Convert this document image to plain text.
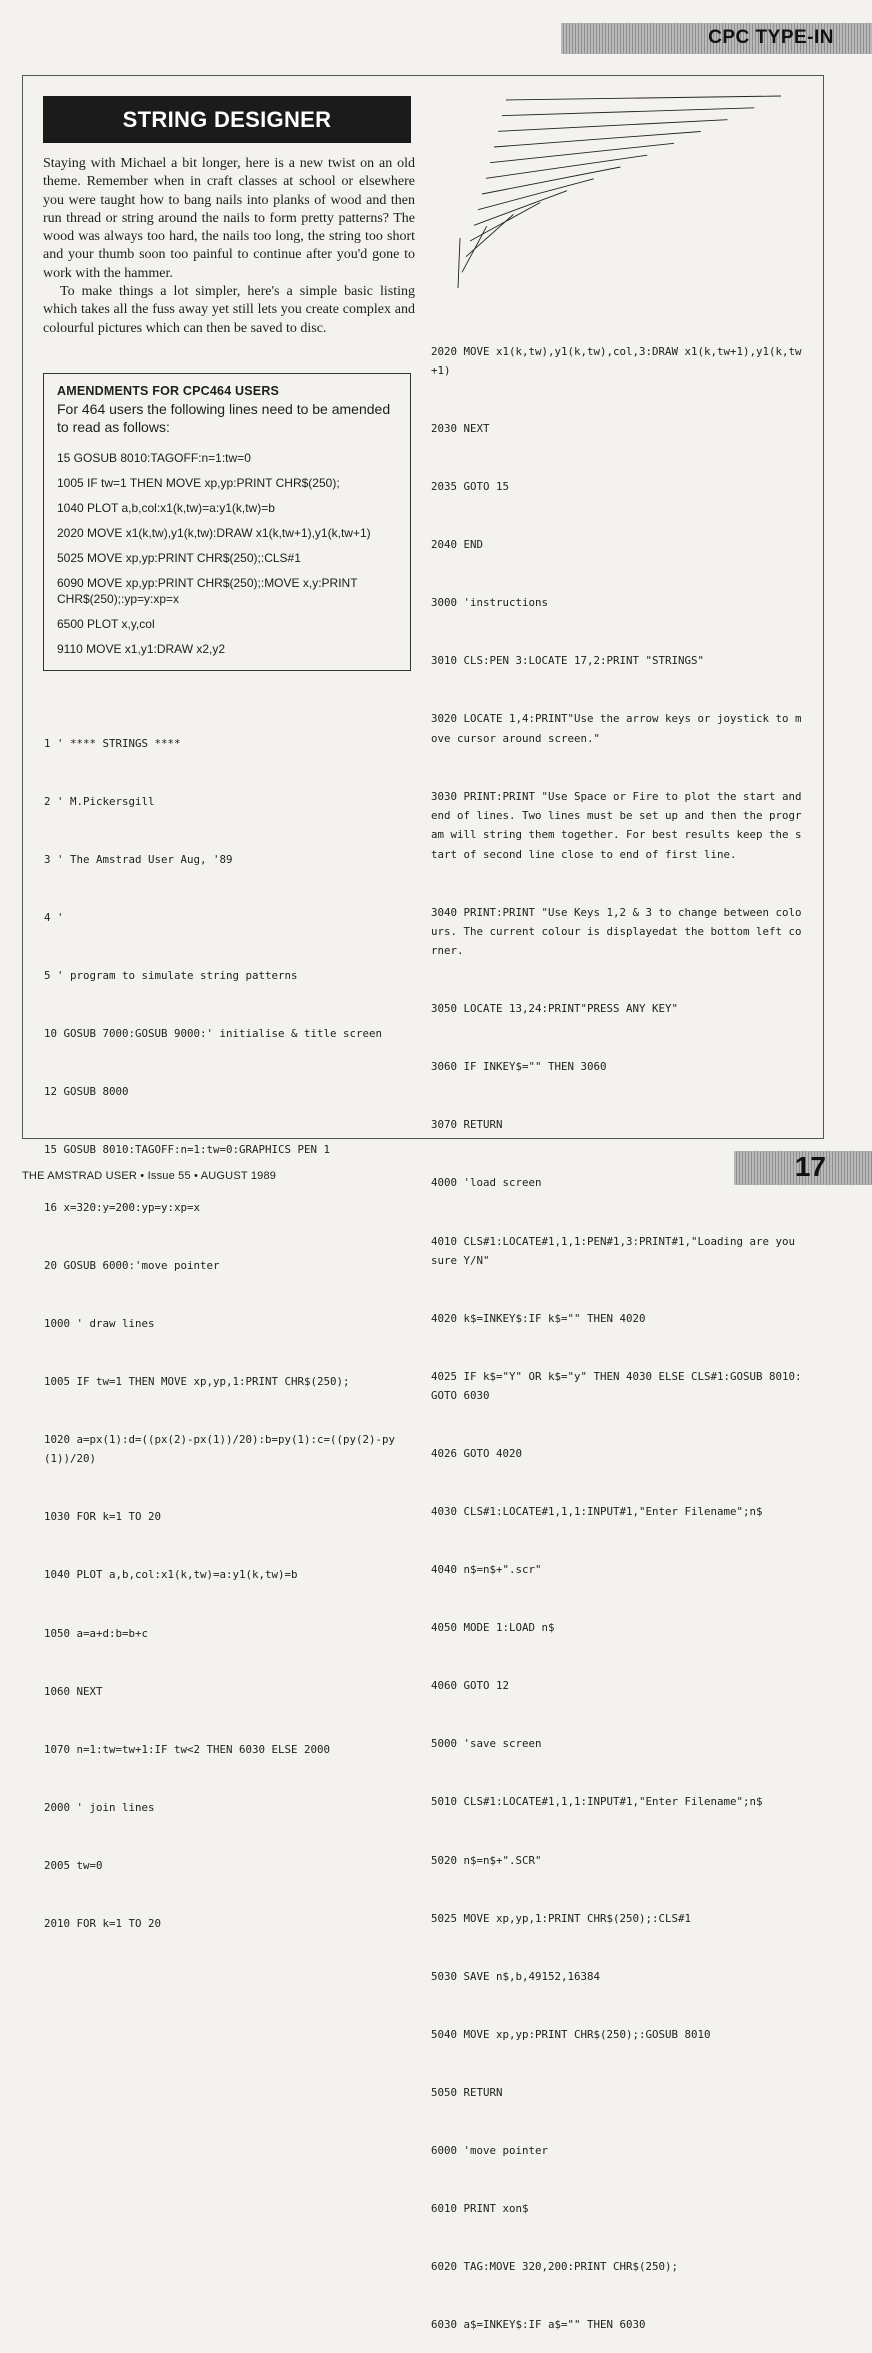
CPC TYPE-IN
STRING DESIGNER

Staying with Michael a bit longer, here is a new twist on an old theme. Remember when in craft classes at school or elsewhere you were taught how to bang nails into planks of wood and then run thread or string around the nails to form pretty patterns? The wood was always too hard, the nails too long, the string too short and your thumb soon too painful to continue after you'd gone to work with the hammer.

To make things a lot simpler, here's a simple basic listing which takes all the fuss away yet still lets you create complex and colourful pictures which can then be saved to disc.

AMENDMENTS FOR CPC464 USERS

For 464 users the following lines need to be amended to read as follows:

15 GOSUB 8010:TAGOFF:n=1:tw=0
1005 IF tw=1 THEN MOVE xp,yp:PRINT CHR$(250);
1040 PLOT a,b,col:x1(k,tw)=a:y1(k,tw)=b
2020 MOVE x1(k,tw),y1(k,tw):DRAW x1(k,tw+1),y1(k,tw+1)
5025 MOVE xp,yp:PRINT CHR$(250);:CLS#1
6090 MOVE xp,yp:PRINT CHR$(250);:MOVE x,y:PRINT CHR$(250);:yp=y:xp=x
6500 PLOT x,y,col
9110 MOVE x1,y1:DRAW x2,y2

1 ' **** STRINGS ****

2 ' M.Pickersgill

3 ' The Amstrad User Aug, '89

4 '

5 ' program to simulate string patterns

10 GOSUB 7000:GOSUB 9000:' initialise & title screen

12 GOSUB 8000

15 GOSUB 8010:TAGOFF:n=1:tw=0:GRAPHICS PEN 1

16 x=320:y=200:yp=y:xp=x

20 GOSUB 6000:'move pointer

1000 ' draw lines

1005 IF tw=1 THEN MOVE xp,yp,1:PRINT CHR$(250);

1020 a=px(1):d=((px(2)-px(1))/20):b=py(1):c=((py(2)-py(1))/20)

1030 FOR k=1 TO 20

1040 PLOT a,b,col:x1(k,tw)=a:y1(k,tw)=b

1050 a=a+d:b=b+c

1060 NEXT

1070 n=1:tw=tw+1:IF tw<2 THEN 6030 ELSE 2000

2000 ' join lines

2005 tw=0

2010 FOR k=1 TO 20

2020 MOVE x1(k,tw),y1(k,tw),col,3:DRAW x1(k,tw+1),y1(k,tw+1)

2030 NEXT

2035 GOTO 15

2040 END

3000 'instructions

3010 CLS:PEN 3:LOCATE 17,2:PRINT "STRINGS"

3020 LOCATE 1,4:PRINT"Use the arrow keys or joystick to move cursor around screen."

3030 PRINT:PRINT "Use Space or Fire to plot the start and end of lines. Two lines must be set up and then the program will string them together. For best results keep the start of second line close to end of first line.

3040 PRINT:PRINT "Use Keys 1,2 & 3 to change between colours. The current colour is displayedat the bottom left corner.

3050 LOCATE 13,24:PRINT"PRESS ANY KEY"

3060 IF INKEY$="" THEN 3060

3070 RETURN

4000 'load screen

4010 CLS#1:LOCATE#1,1,1:PEN#1,3:PRINT#1,"Loading are you sure Y/N"

4020 k$=INKEY$:IF k$="" THEN 4020

4025 IF k$="Y" OR k$="y" THEN 4030 ELSE CLS#1:GOSUB 8010:GOTO 6030

4026 GOTO 4020

4030 CLS#1:LOCATE#1,1,1:INPUT#1,"Enter Filename";n$

4040 n$=n$+".scr"

4050 MODE 1:LOAD n$

4060 GOTO 12

5000 'save screen

5010 CLS#1:LOCATE#1,1,1:INPUT#1,"Enter Filename";n$

5020 n$=n$+".SCR"

5025 MOVE xp,yp,1:PRINT CHR$(250);:CLS#1

5030 SAVE n$,b,49152,16384

5040 MOVE xp,yp:PRINT CHR$(250);:GOSUB 8010

5050 RETURN

6000 'move pointer

6010 PRINT xon$

6020 TAG:MOVE 320,200:PRINT CHR$(250);

6030 a$=INKEY$:IF a$="" THEN 6030

THE AMSTRAD USER • Issue 55 • AUGUST 1989	17
